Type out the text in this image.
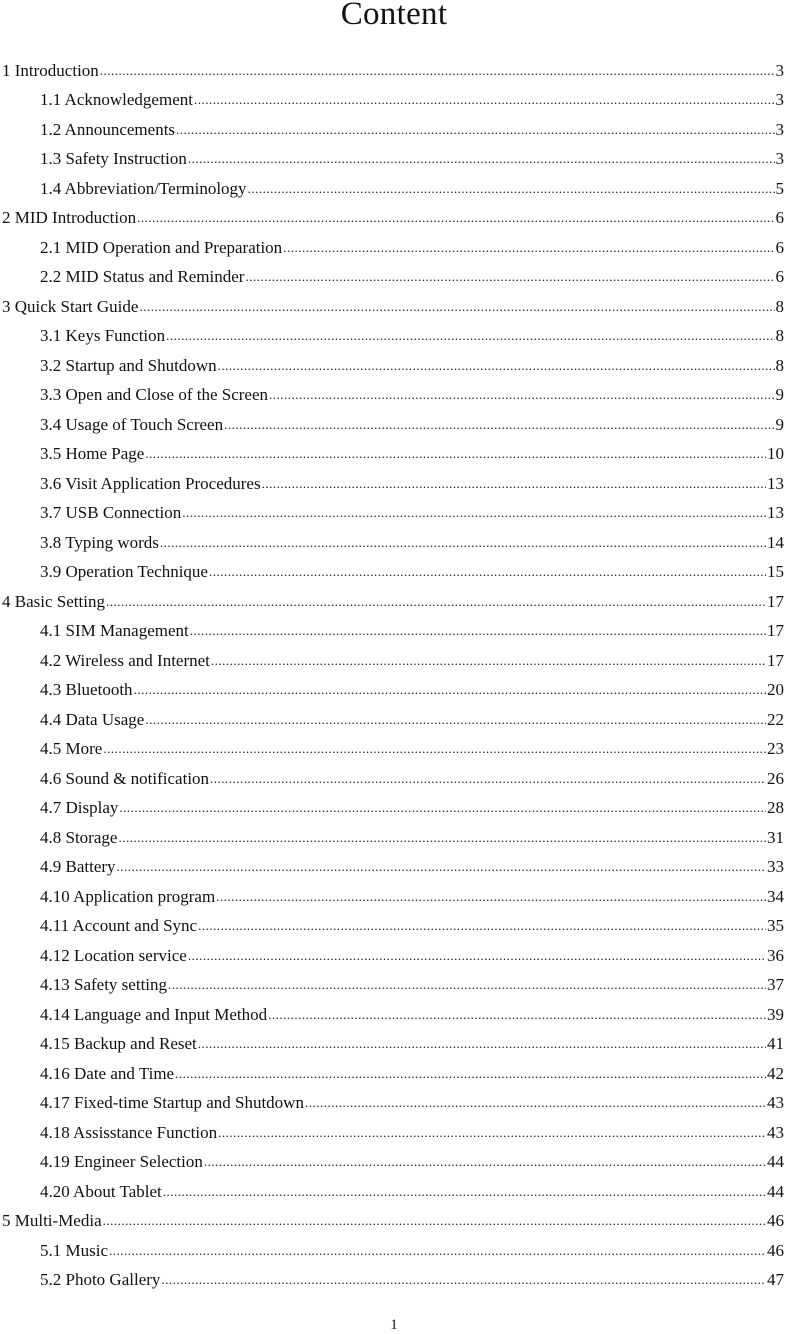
Content
1 Introduction .....	3
1.1 Acknowledgement .....	3
1.2 Announcements .....	3
1.3 Safety Instruction .....	3
1.4 Abbreviation/Terminology .....	5
2 MID Introduction .....	6
2.1 MID Operation and Preparation .....	6
2.2 MID Status and Reminder .....	6
3 Quick Start Guide .....	8
3.1 Keys Function .....	8
3.2 Startup and Shutdown .....	8
3.3 Open and Close of the Screen .....	9
3.4 Usage of Touch Screen .....	9
3.5 Home Page .....	10
3.6 Visit Application Procedures .....	13
3.7 USB Connection .....	13
3.8 Typing words .....	14
3.9 Operation Technique .....	15
4 Basic Setting .....	17
4.1 SIM Management .....	17
4.2 Wireless and Internet .....	17
4.3 Bluetooth .....	20
4.4 Data Usage .....	22
4.5 More .....	23
4.6 Sound & notification .....	26
4.7 Display .....	28
4.8 Storage .....	31
4.9 Battery .....	33
4.10 Application program .....	34
4.11 Account and Sync .....	35
4.12 Location service .....	36
4.13 Safety setting .....	37
4.14 Language and Input Method .....	39
4.15 Backup and Reset .....	41
4.16 Date and Time .....	42
4.17 Fixed-time Startup and Shutdown .....	43
4.18 Assisstance Function .....	43
4.19 Engineer Selection .....	44
4.20 About Tablet .....	44
5 Multi-Media .....	46
5.1 Music .....	46
5.2 Photo Gallery .....	47
1
